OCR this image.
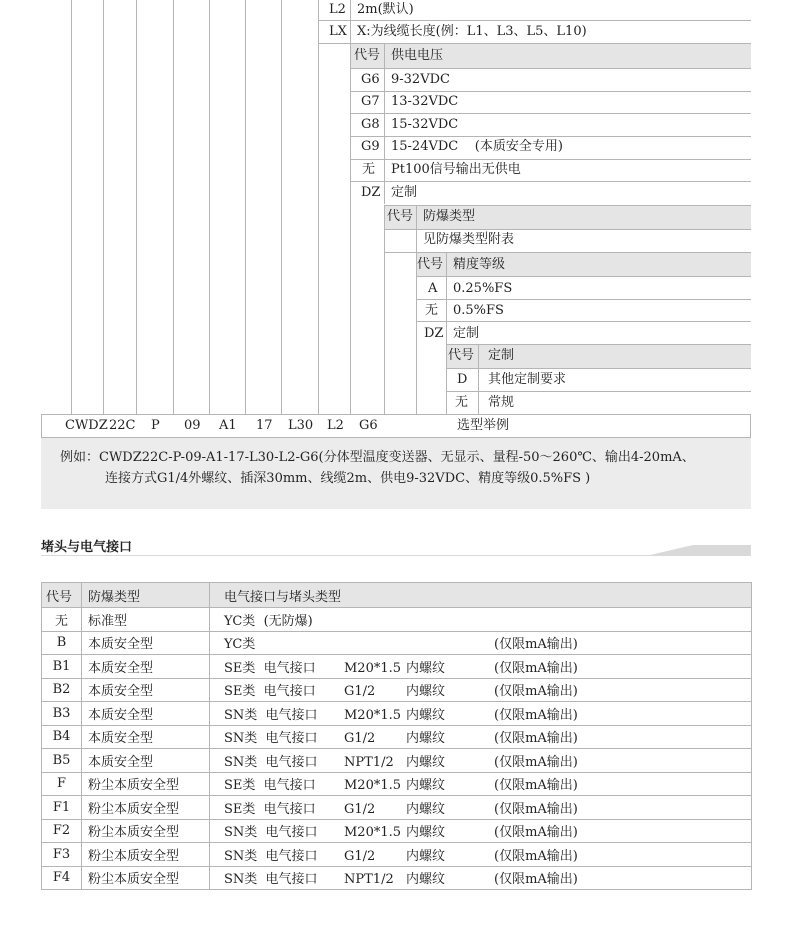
L2 2m(默认)
LX X:为线缆长度(例：L1、L3、L5、L10)
代号 供电电压
G6 9-32VDC
G7 13-32VDC
G8 15-32VDC
G9 15-24VDC    (本质安全专用)
无 Pt100信号输出无供电
DZ 定制
代号 防爆类型
见防爆类型附表
代号 精度等级
A 0.25%FS
无 0.5%FS
DZ 定制
代号 定制
D 其他定制要求
无 常规
CWDZ 22C P 09 A1 17 L30 L2 G6	选型举例
例如：CWDZ22C-P-09-A1-17-L30-L2-G6(分体型温度变送器、无显示、量程-50～260℃、输出4-20mA、
连接方式G1/4外螺纹、插深30mm、线缆2m、供电9-32VDC、精度等级0.5%FS )
堵头与电气接口
代号	防爆类型	电气接口与堵头类型
无	标准型	YC类  (无防爆)
B	本质安全型	YC类 (仅限mA输出)
B1	本质安全型	SE类  电气接口 M20*1.5 内螺纹 (仅限mA输出)
B2	本质安全型	SE类  电气接口 G1/2 内螺纹 (仅限mA输出)
B3	本质安全型	SN类  电气接口 M20*1.5 内螺纹 (仅限mA输出)
B4	本质安全型	SN类  电气接口 G1/2 内螺纹 (仅限mA输出)
B5	本质安全型	SN类  电气接口 NPT1/2 内螺纹 (仅限mA输出)
F	粉尘本质安全型	SE类  电气接口 M20*1.5 内螺纹 (仅限mA输出)
F1	粉尘本质安全型	SE类  电气接口 G1/2 内螺纹 (仅限mA输出)
F2	粉尘本质安全型	SN类  电气接口 M20*1.5 内螺纹 (仅限mA输出)
F3	粉尘本质安全型	SN类  电气接口 G1/2 内螺纹 (仅限mA输出)
F4	粉尘本质安全型	SN类  电气接口 NPT1/2 内螺纹 (仅限mA输出)
